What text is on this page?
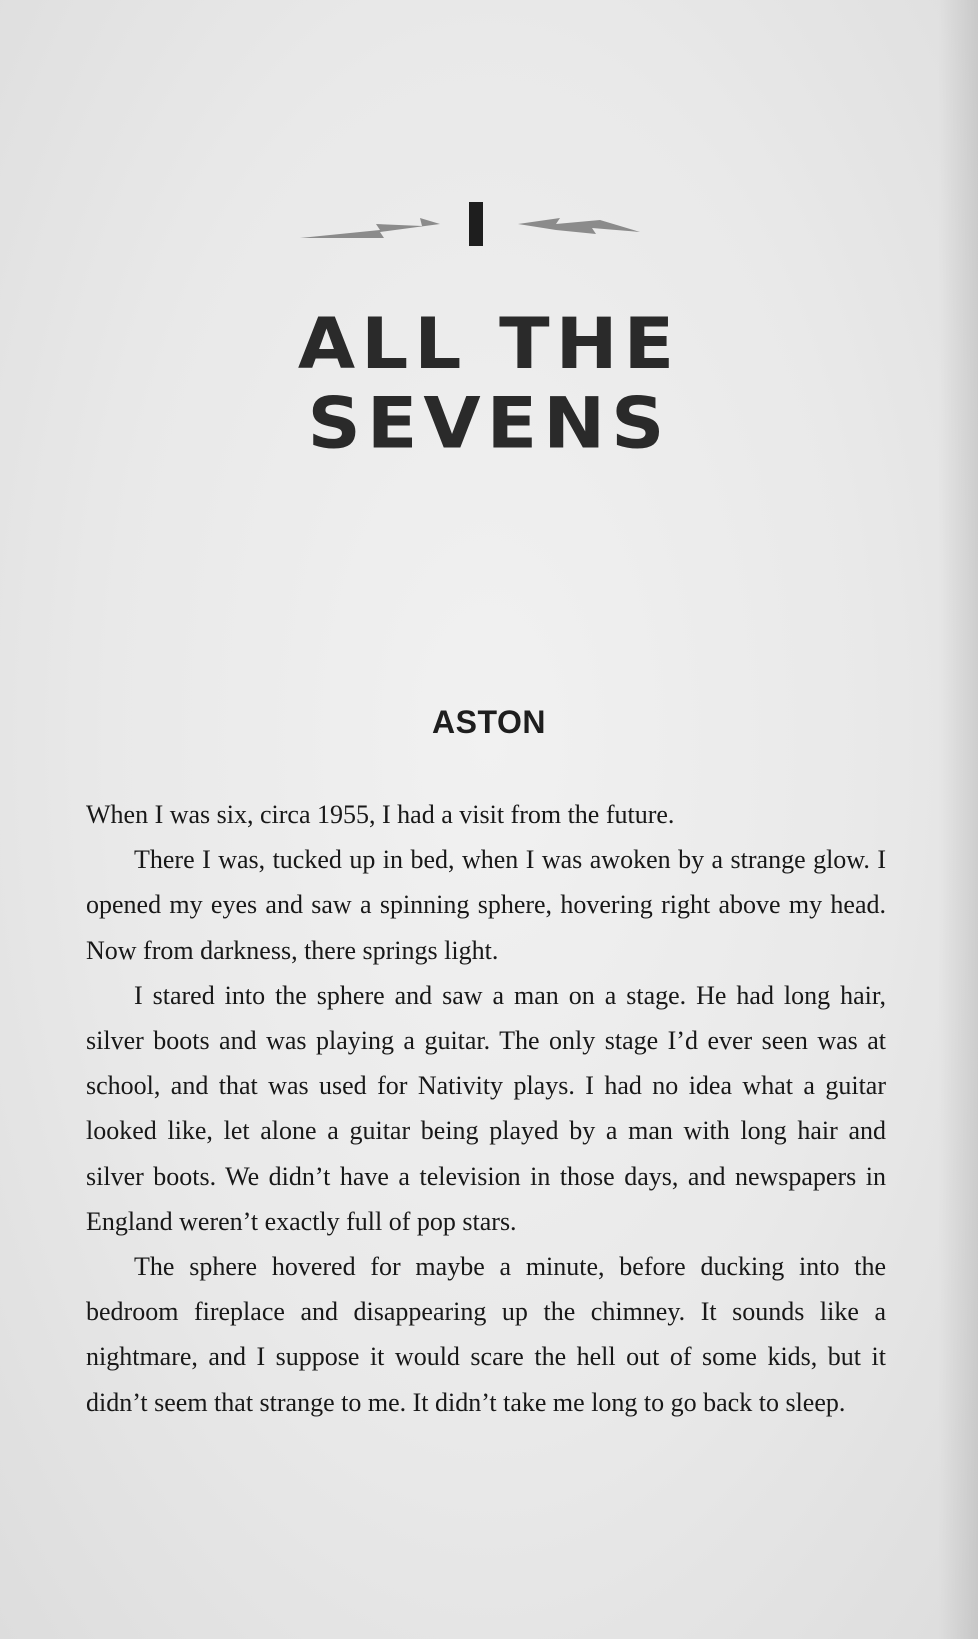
ALL THE
SEVENS
ASTON

When I was six, circa 1955, I had a visit from the future.

There I was, tucked up in bed, when I was awoken by a strange glow. I opened my eyes and saw a spinning sphere, hovering right above my head. Now from darkness, there springs light.

I stared into the sphere and saw a man on a stage. He had long hair, silver boots and was playing a guitar. The only stage I’d ever seen was at school, and that was used for Nativity plays. I had no idea what a guitar looked like, let alone a guitar being played by a man with long hair and silver boots. We didn’t have a television in those days, and newspapers in England weren’t exactly full of pop stars.

The sphere hovered for maybe a minute, before ducking into the bedroom fireplace and disappearing up the chimney. It sounds like a nightmare, and I suppose it would scare the hell out of some kids, but it didn’t seem that strange to me. It didn’t take me long to go back to sleep.
